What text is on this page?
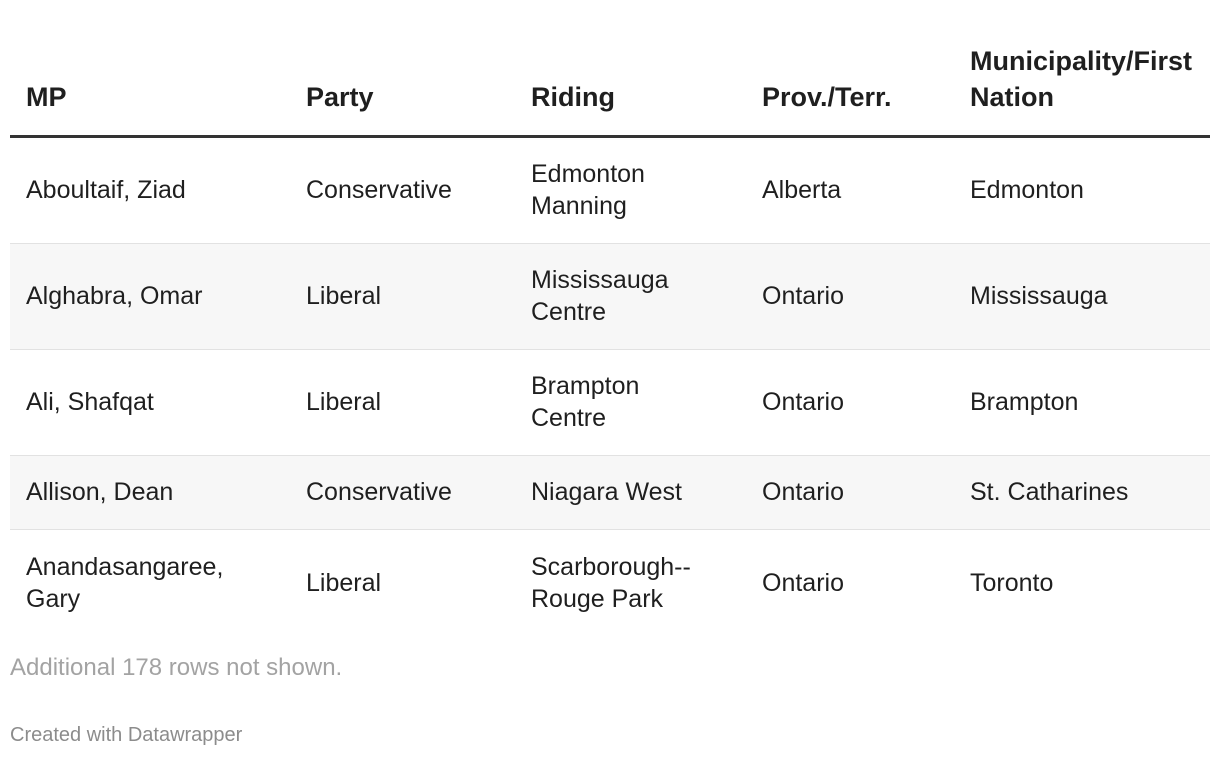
MP	Party	Riding	Prov./Terr.	Municipality/First Nation
Aboultaif, Ziad	Conservative	Edmonton Manning	Alberta	Edmonton
Alghabra, Omar	Liberal	Mississauga Centre	Ontario	Mississauga
Ali, Shafqat	Liberal	Brampton Centre	Ontario	Brampton
Allison, Dean	Conservative	Niagara West	Ontario	St. Catharines
Anandasangaree, Gary	Liberal	Scarborough--Rouge Park	Ontario	Toronto
Additional 178 rows not shown.
Created with Datawrapper
